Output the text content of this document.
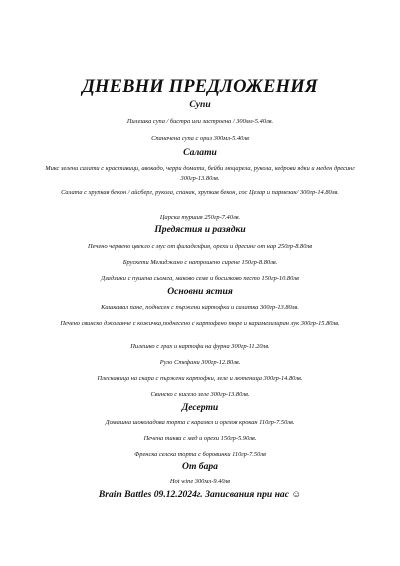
ДНЕВНИ ПРЕДЛОЖЕНИЯ
Супи
Пилешка супа / бистра или застроена / 300мл-5.40лв.
Спаначена супа с ориз 300мл-5.40лв
Салати
Микс зелени салати с краставици, авокадо, черри домати, бейби моцарела, рукола, кедрови ядки и меден дресинг 300гр-13.80лв.
Салата с хрупкав бекон / айсберг, рукола, спанак, хрупкав бекон, сос Цезар и пармезан/ 300гр-14.80лв.
Царска туршия 250гр-7.40лв.
Предястия и разядки
Печено червено цвекло с мус от филаделфия, орехи и дресинг от нар 250гр-8.80лв
Брускети Мелиджано с натрошено сирене 150гр-8.80лв.
Дзадзики с пушена сьомга, маково семе и босилково песто 150гр-10.80лв
Основни ястия
Кашкавал пане, поднесен с пържени картофки и салатка 300гр-13.80лв.
Печено свинско джоланче с кожичка,поднесено с картофено пюре и карамелизиран лук 300гр-15.80лв.
Пилешко с грах и картофи на фурна 300гр-11.20лв.
Руло Стефани 300гр-12.80лв.
Плескавица на скара с пържени картофки, зеле и лютеница 300гр-14.80лв.
Свинско с кисело зеле 300гр-13.80лв.
Десерти
Домашна шоколадова торта с карамел и орехов крокан 110гр-7.50лв.
Печена тиква с мед и орехи 150гр-5.90лв.
Френска селска торта с боровинки 110гр-7.50лв
От бара
Hot wine 300мл-9.40лв
Brain Battles 09.12.2024г. Записвания при нас ☺
